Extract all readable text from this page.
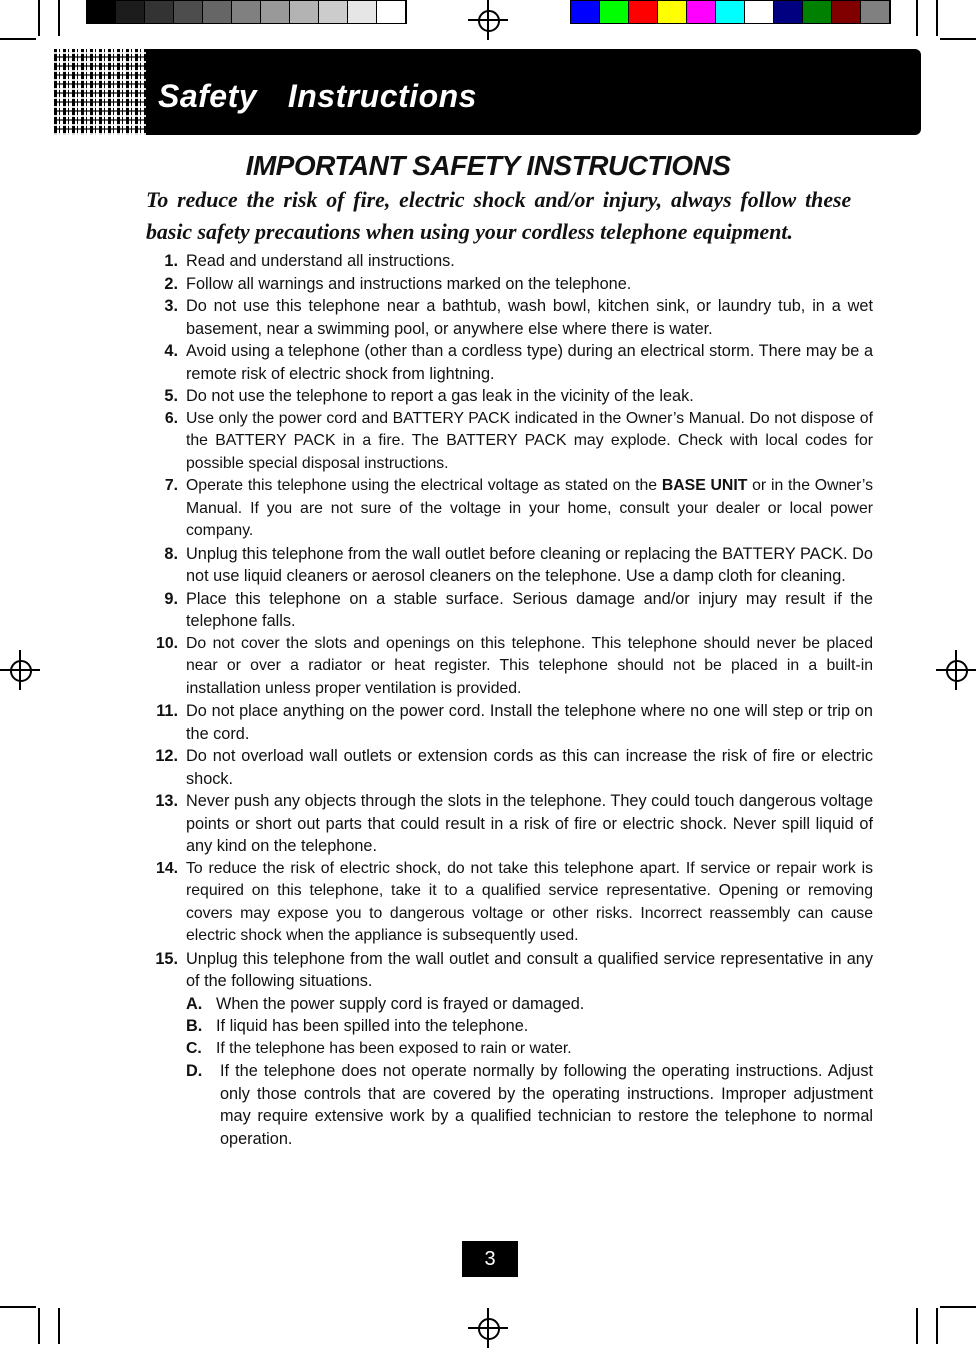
Safety  Instructions
IMPORTANT SAFETY INSTRUCTIONS
To reduce the risk of fire, electric shock and/or injury, always follow these basic safety precautions when using your cordless telephone equipment.
1. Read and understand all instructions.
2. Follow all warnings and instructions marked on the telephone.
3. Do not use this telephone near a bathtub, wash bowl, kitchen sink, or laundry tub, in a wet basement, near a swimming pool, or anywhere else where there is water.
4. Avoid using a telephone (other than a cordless type) during an electrical storm. There may be a remote risk of electric shock from lightning.
5. Do not use the telephone to report a gas leak in the vicinity of the leak.
6. Use only the power cord and BATTERY PACK indicated in the Owner’s Manual. Do not dispose of the BATTERY PACK in a fire. The BATTERY PACK may explode. Check with local codes for possible special disposal instructions.
7. Operate this telephone using the electrical voltage as stated on the BASE UNIT or in the Owner’s Manual. If you are not sure of the voltage in your home, consult your dealer or local power company.
8. Unplug this telephone from the wall outlet before cleaning or replacing the BATTERY PACK. Do not use liquid cleaners or aerosol cleaners on the telephone. Use a damp cloth for cleaning.
9. Place this telephone on a stable surface. Serious damage and/or injury may result if the telephone falls.
10. Do not cover the slots and openings on this telephone. This telephone should never be placed near or over a radiator or heat register. This telephone should not be placed in a built-in installation unless proper ventilation is provided.
11. Do not place anything on the power cord. Install the telephone where no one will step or trip on the cord.
12. Do not overload wall outlets or extension cords as this can increase the risk of fire or electric shock.
13. Never push any objects through the slots in the telephone. They could touch dangerous voltage points or short out parts that could result in a risk of fire or electric shock. Never spill liquid of any kind on the telephone.
14. To reduce the risk of electric shock, do not take this telephone apart. If service or repair work is required on this telephone, take it to a qualified service representative. Opening or removing covers may expose you to dangerous voltage or other risks. Incorrect reassembly can cause electric shock when the appliance is subsequently used.
15. Unplug this telephone from the wall outlet and consult a qualified service representative in any of the following situations.
A. When the power supply cord is frayed or damaged.
B. If liquid has been spilled into the telephone.
C. If the telephone has been exposed to rain or water.
D.	If the telephone does not operate normally by following the operating instructions. Adjust only those controls that are covered by the operating instructions. Improper adjustment may require extensive work by a qualified technician to restore the telephone to normal operation.
3
